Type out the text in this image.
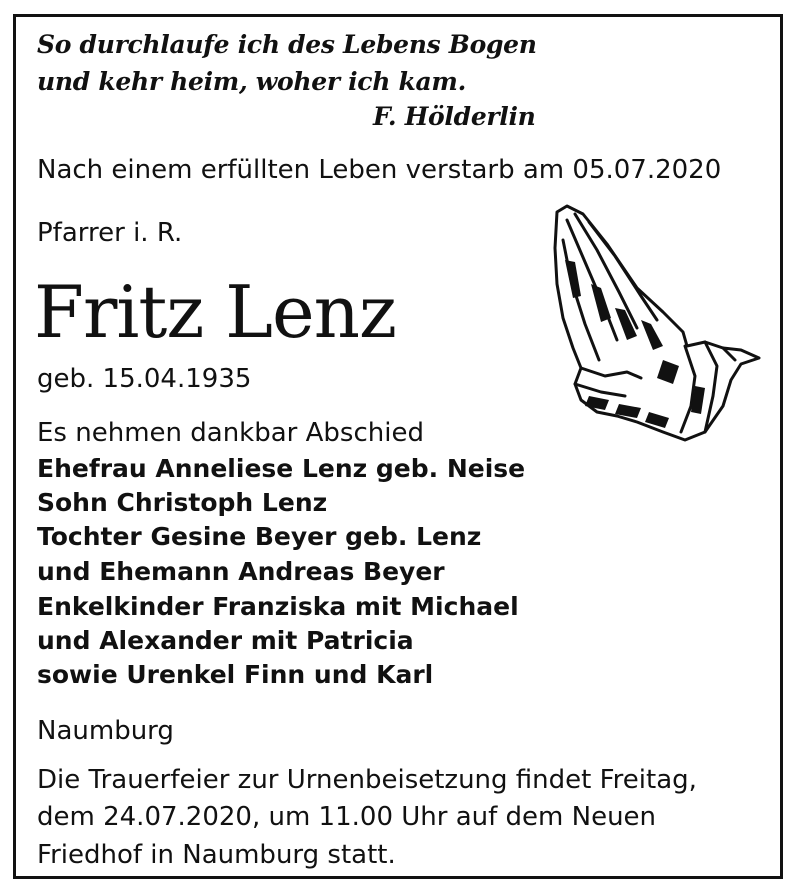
So durchlaufe ich des Lebens Bogen
und kehr heim, woher ich kam.
F. Hölderlin
Nach einem erfüllten Leben verstarb am 05.07.2020
Pfarrer i. R.
Fritz Lenz
geb. 15.04.1935
Es nehmen dankbar Abschied
Ehefrau Anneliese Lenz geb. Neise
Sohn Christoph Lenz
Tochter Gesine Beyer geb. Lenz
und Ehemann Andreas Beyer
Enkelkinder Franziska mit Michael
und Alexander mit Patricia
sowie Urenkel Finn und Karl
Naumburg
Die Trauerfeier zur Urnenbeisetzung findet Freitag,
dem 24.07.2020, um 11.00 Uhr auf dem Neuen
Friedhof in Naumburg statt.
